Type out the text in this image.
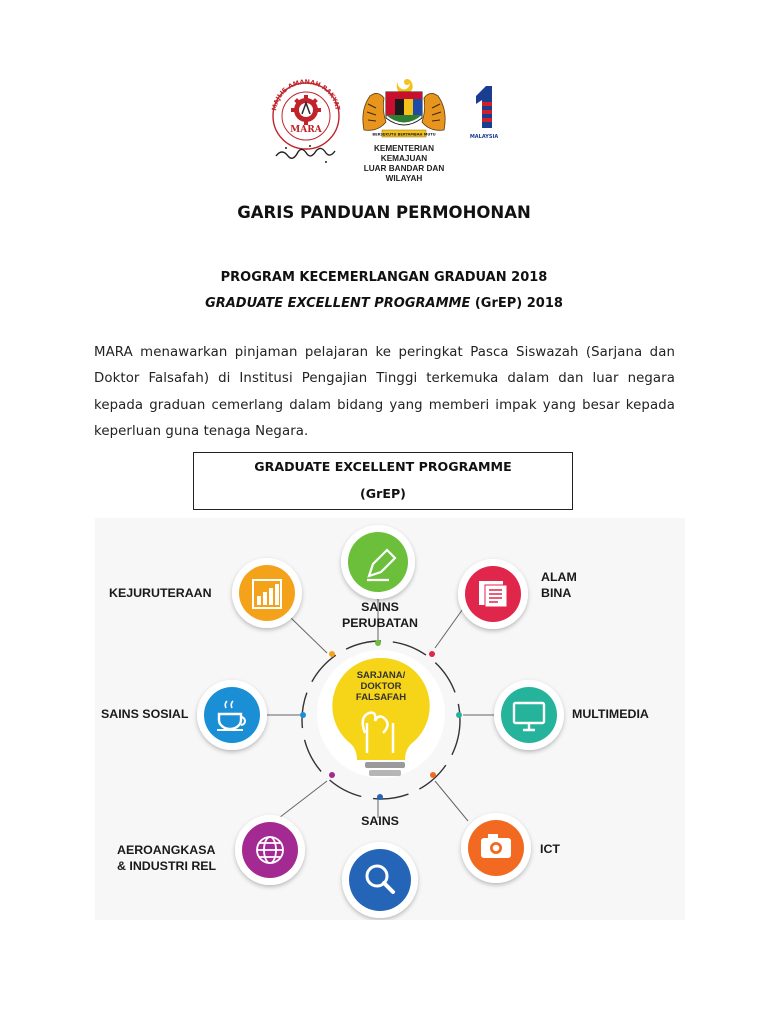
MAJLIS AMANAH RAKYAT
MARA	BERSEKUTU BERTAMBAH MUTU
KEMENTERIAN KEMAJUAN
LUAR BANDAR DAN WILAYAH
MALAYSIA
GARIS PANDUAN PERMOHONAN
PROGRAM KECEMERLANGAN GRADUAN 2018
GRADUATE EXCELLENT PROGRAMME (GrEP) 2018
MARA menawarkan pinjaman pelajaran ke peringkat Pasca Siswazah (Sarjana dan Doktor Falsafah) di Institusi Pengajian Tinggi terkemuka dalam dan luar negara kepada graduan cemerlang dalam bidang yang memberi impak yang besar kepada keperluan guna tenaga Negara.
GRADUATE EXCELLENT PROGRAMME
(GrEP)
SARJANA/
DOKTOR
FALSAFAH
SAINS
PERUBATAN
ALAM
BINA
MULTIMEDIA
ICT
SAINS
AEROANGKASA
& INDUSTRI REL
SAINS SOSIAL
KEJURUTERAAN
